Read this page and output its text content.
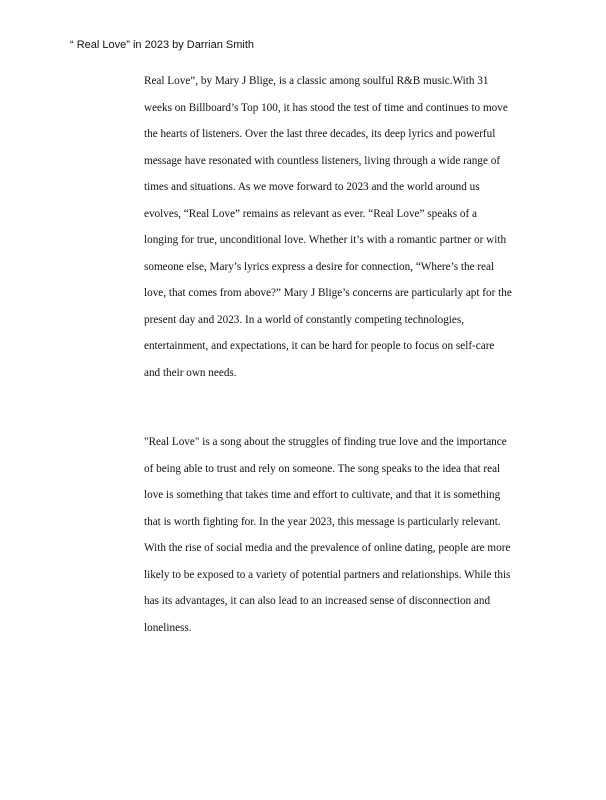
“ Real Love” in 2023 by Darrian Smith
Real Love”, by Mary J Blige, is a classic among soulful R&B music.With 31
weeks on Billboard’s Top 100, it has stood the test of time and continues to move
the hearts of listeners. Over the last three decades, its deep lyrics and powerful
message have resonated with countless listeners, living through a wide range of
times and situations. As we move forward to 2023 and the world around us
evolves, “Real Love” remains as relevant as ever. “Real Love” speaks of a
longing for true, unconditional love. Whether it’s with a romantic partner or with
someone else, Mary’s lyrics express a desire for connection, “Where’s the real
love, that comes from above?” Mary J Blige’s concerns are particularly apt for the
present day and 2023. In a world of constantly competing technologies,
entertainment, and expectations, it can be hard for people to focus on self-care
and their own needs.
"Real Love" is a song about the struggles of finding true love and the importance
of being able to trust and rely on someone. The song speaks to the idea that real
love is something that takes time and effort to cultivate, and that it is something
that is worth fighting for. In the year 2023, this message is particularly relevant.
With the rise of social media and the prevalence of online dating, people are more
likely to be exposed to a variety of potential partners and relationships. While this
has its advantages, it can also lead to an increased sense of disconnection and
loneliness.
